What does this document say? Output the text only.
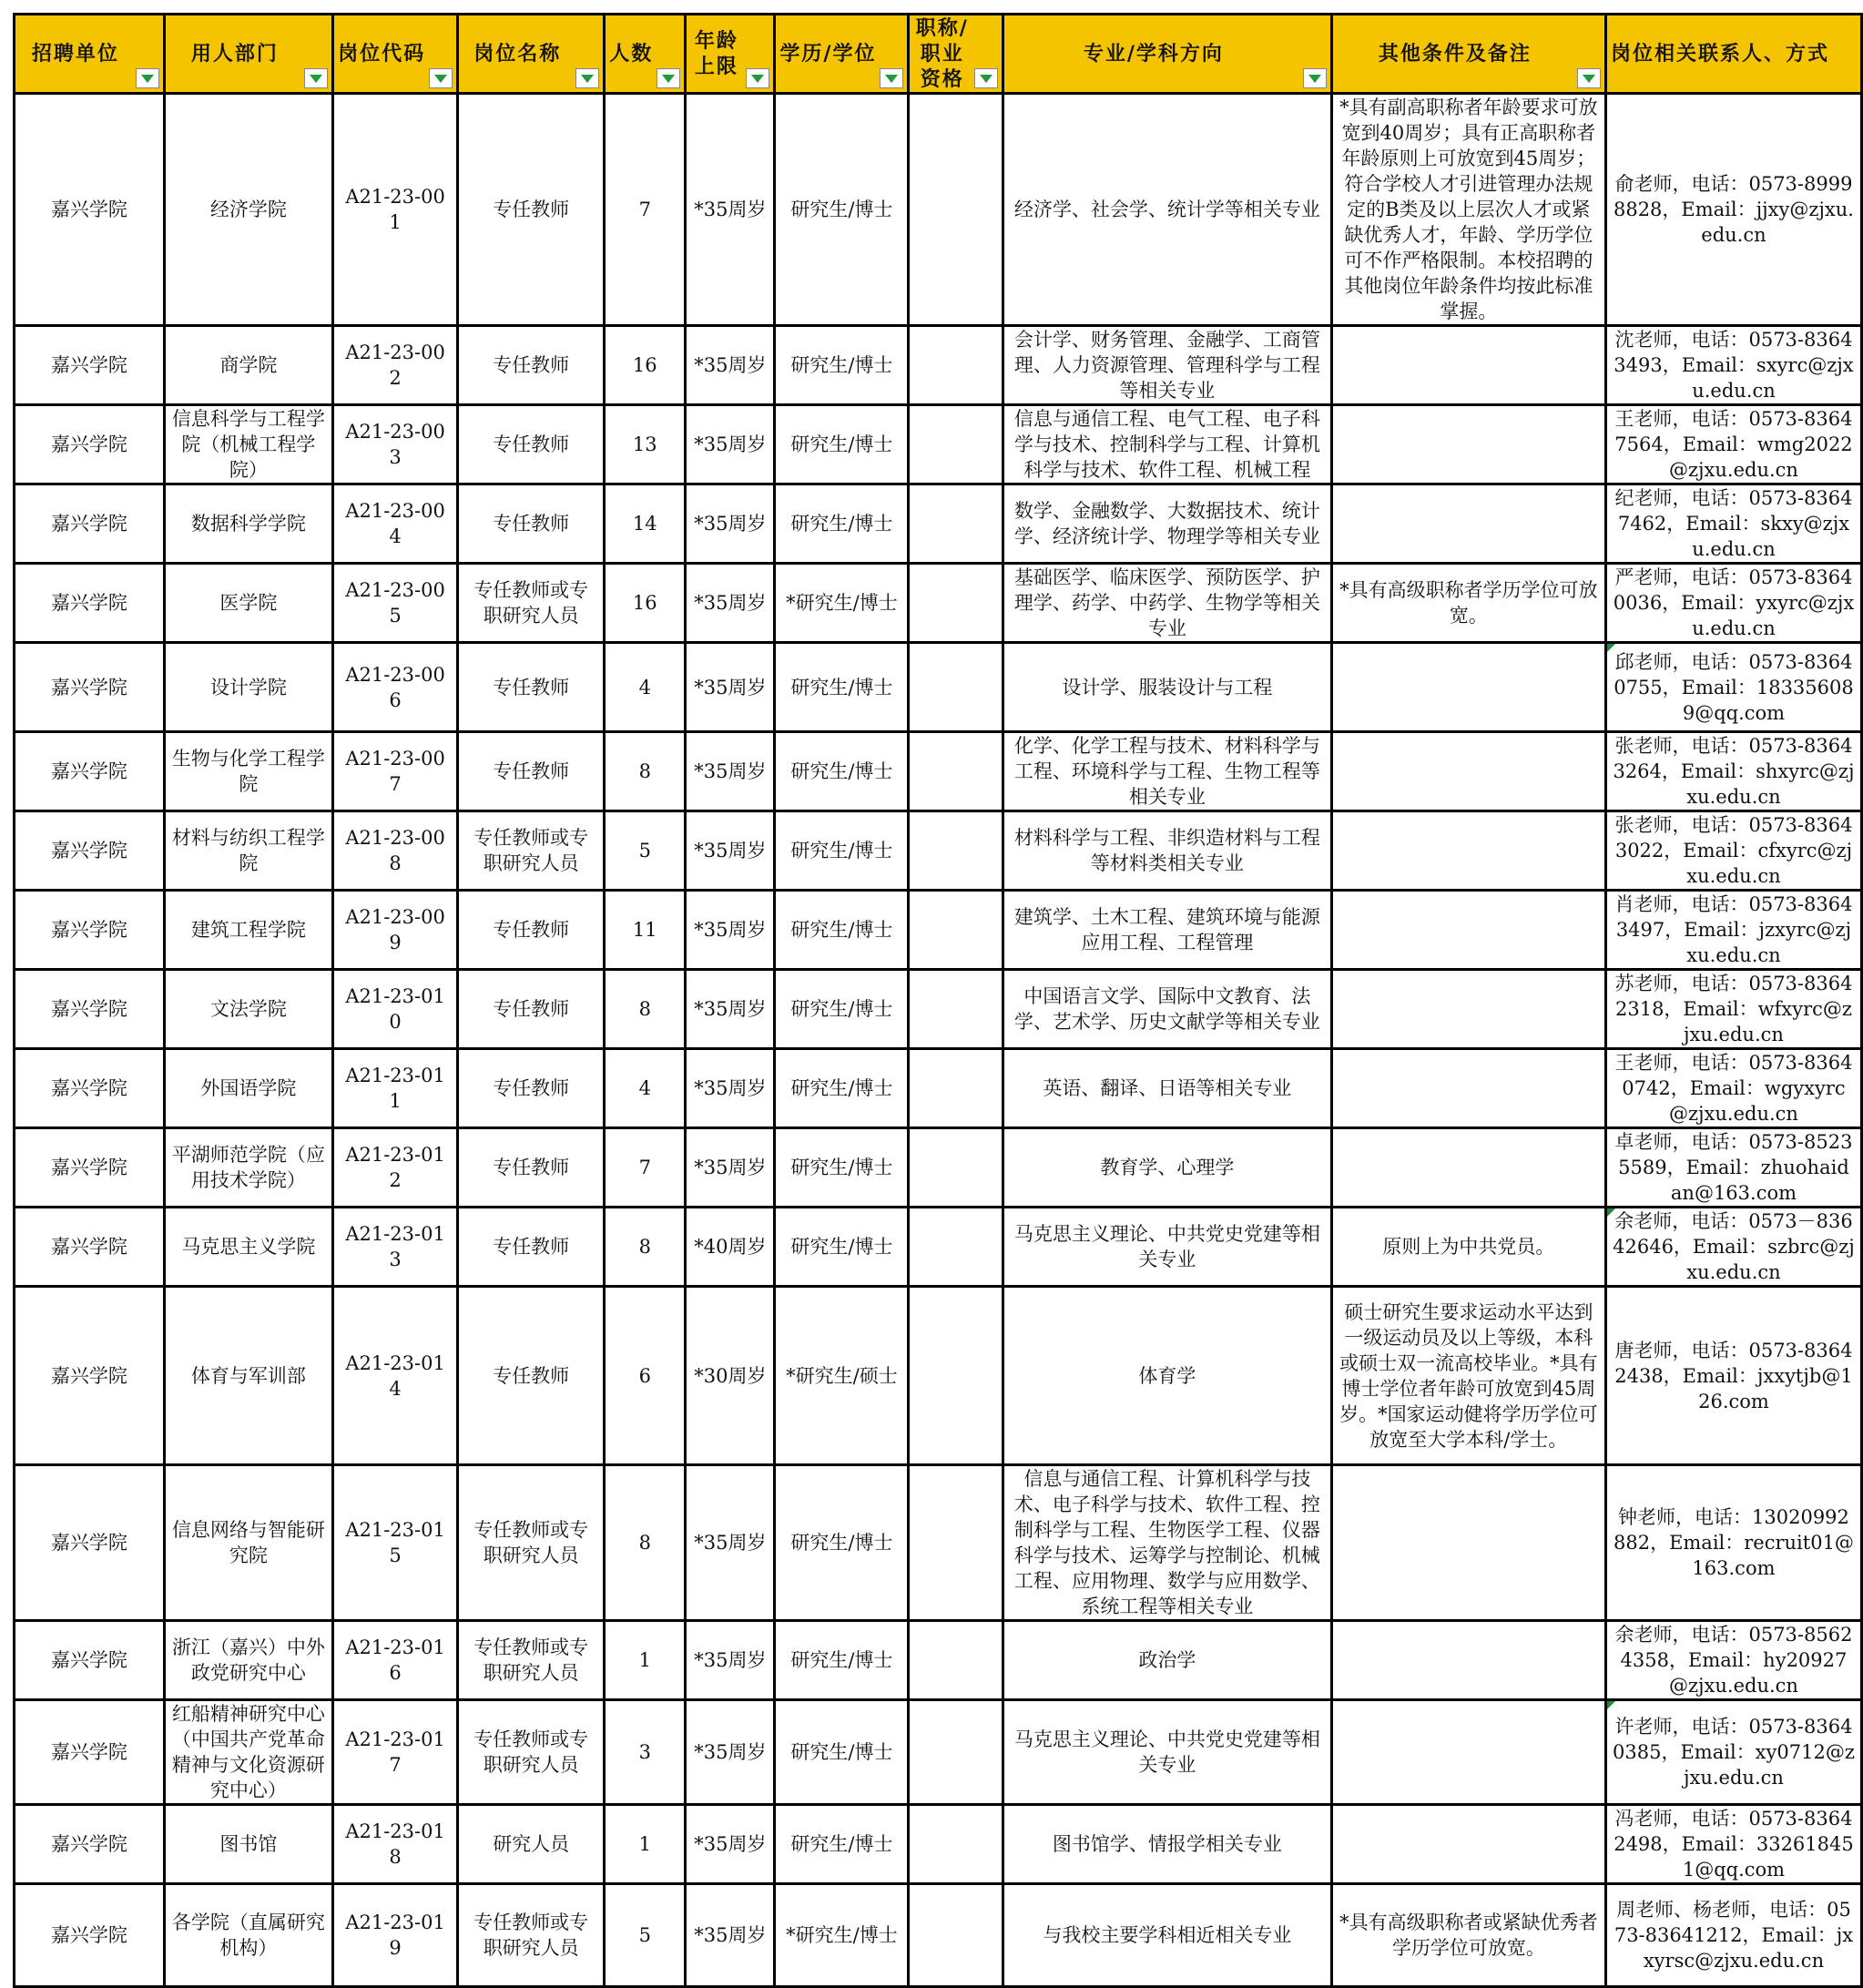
招聘单位	用人部门	岗位代码	岗位名称	人数	年龄上限	学历/学位	职称/职业资格	专业/学科方向	其他条件及备注	岗位相关联系人、方式
嘉兴学院	经济学院	A21-23-001	专任教师	7	*35周岁	研究生/博士		经济学、社会学、统计学等相关专业	*具有副高职称者年龄要求可放宽到40周岁；具有正高职称者年龄原则上可放宽到45周岁；符合学校人才引进管理办法规定的B类及以上层次人才或紧缺优秀人才，年龄、学历学位可不作严格限制。本校招聘的其他岗位年龄条件均按此标准掌握。	俞老师，电话：0573-89998828，Email：jjxy@zjxu.edu.cn
嘉兴学院	商学院	A21-23-002	专任教师	16	*35周岁	研究生/博士		会计学、财务管理、金融学、工商管理、人力资源管理、管理科学与工程等相关专业		沈老师，电话：0573-83643493，Email：sxyrc@zjxu.edu.cn
嘉兴学院	信息科学与工程学院（机械工程学院）	A21-23-003	专任教师	13	*35周岁	研究生/博士		信息与通信工程、电气工程、电子科学与技术、控制科学与工程、计算机科学与技术、软件工程、机械工程		王老师，电话：0573-83647564，Email：wmg2022@zjxu.edu.cn
嘉兴学院	数据科学学院	A21-23-004	专任教师	14	*35周岁	研究生/博士		数学、金融数学、大数据技术、统计学、经济统计学、物理学等相关专业		纪老师，电话：0573-83647462，Email：skxy@zjxu.edu.cn
嘉兴学院	医学院	A21-23-005	专任教师或专职研究人员	16	*35周岁	*研究生/博士		基础医学、临床医学、预防医学、护理学、药学、中药学、生物学等相关专业	*具有高级职称者学历学位可放宽。	严老师，电话：0573-83640036，Email：yxyrc@zjxu.edu.cn
嘉兴学院	设计学院	A21-23-006	专任教师	4	*35周岁	研究生/博士		设计学、服装设计与工程		邱老师，电话：0573-83640755，Email：183356089@qq.com

嘉兴学院	生物与化学工程学院	A21-23-007	专任教师	8	*35周岁	研究生/博士		化学、化学工程与技术、材料科学与工程、环境科学与工程、生物工程等相关专业		张老师，电话：0573-83643264，Email：shxyrc@zjxu.edu.cn
嘉兴学院	材料与纺织工程学院	A21-23-008	专任教师或专职研究人员	5	*35周岁	研究生/博士		材料科学与工程、非织造材料与工程等材料类相关专业		张老师，电话：0573-83643022，Email：cfxyrc@zjxu.edu.cn
嘉兴学院	建筑工程学院	A21-23-009	专任教师	11	*35周岁	研究生/博士		建筑学、土木工程、建筑环境与能源应用工程、工程管理		肖老师，电话：0573-83643497，Email：jzxyrc@zjxu.edu.cn
嘉兴学院	文法学院	A21-23-010	专任教师	8	*35周岁	研究生/博士		中国语言文学、国际中文教育、法学、艺术学、历史文献学等相关专业		苏老师，电话：0573-83642318，Email：wfxyrc@zjxu.edu.cn
嘉兴学院	外国语学院	A21-23-011	专任教师	4	*35周岁	研究生/博士		英语、翻译、日语等相关专业		王老师，电话：0573-83640742，Email：wgyxyrc@zjxu.edu.cn
嘉兴学院	平湖师范学院（应用技术学院）	A21-23-012	专任教师	7	*35周岁	研究生/博士		教育学、心理学		卓老师，电话：0573-85235589，Email：zhuohaidan@163.com
嘉兴学院	马克思主义学院	A21-23-013	专任教师	8	*40周岁	研究生/博士		马克思主义理论、中共党史党建等相关专业	原则上为中共党员。	余老师，电话：0573－83642646，Email：szbrc@zjxu.edu.cn

嘉兴学院	体育与军训部	A21-23-014	专任教师	6	*30周岁	*研究生/硕士		体育学	硕士研究生要求运动水平达到一级运动员及以上等级，本科或硕士双一流高校毕业。*具有博士学位者年龄可放宽到45周岁。*国家运动健将学历学位可放宽至大学本科/学士。	唐老师，电话：0573-83642438，Email：jxxytjb@126.com
嘉兴学院	信息网络与智能研究院	A21-23-015	专任教师或专职研究人员	8	*35周岁	研究生/博士		信息与通信工程、计算机科学与技术、电子科学与技术、软件工程、控制科学与工程、生物医学工程、仪器科学与技术、运筹学与控制论、机械工程、应用物理、数学与应用数学、系统工程等相关专业		钟老师，电话：13020992882，Email：recruit01@163.com
嘉兴学院	浙江（嘉兴）中外政党研究中心	A21-23-016	专任教师或专职研究人员	1	*35周岁	研究生/博士		政治学		余老师，电话：0573-85624358，Email：hy20927@zjxu.edu.cn
嘉兴学院	红船精神研究中心（中国共产党革命精神与文化资源研究中心）	A21-23-017	专任教师或专职研究人员	3	*35周岁	研究生/博士		马克思主义理论、中共党史党建等相关专业		许老师，电话：0573-83640385，Email：xy0712@zjxu.edu.cn

嘉兴学院	图书馆	A21-23-018	研究人员	1	*35周岁	研究生/博士		图书馆学、情报学相关专业		冯老师，电话：0573-83642498，Email：332618451@qq.com
嘉兴学院	各学院（直属研究机构）	A21-23-019	专任教师或专职研究人员	5	*35周岁	*研究生/博士		与我校主要学科相近相关专业	*具有高级职称者或紧缺优秀者学历学位可放宽。	周老师、杨老师，电话：0573-83641212，Email：jxxyrsc@zjxu.edu.cn
